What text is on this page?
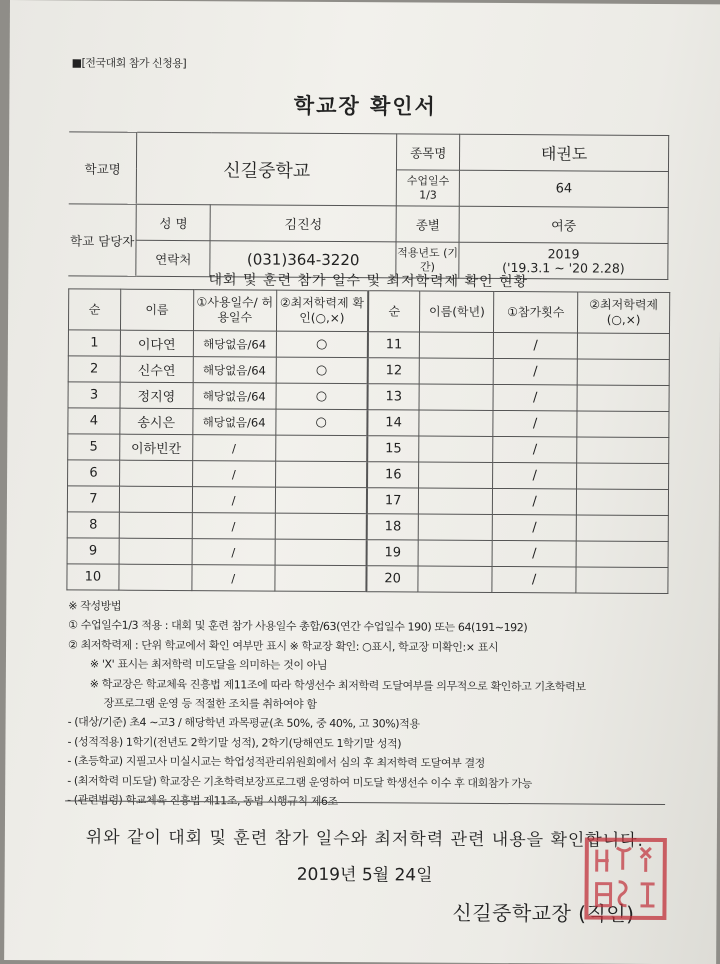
■[전국대회 참가 신청용]
학교장 확인서
학교명	신길중학교		종목명	태권도
			수업일수 1/3	64
학교 담당자	성 명	김진성	종별	여중
	연락처	(031)364-3220	적용년도 (기간)	2019
('19.3.1 ~ '20 2.28)
대회 및 훈련 참가 일수 및 최저학력제 확인 현황
순	이름	①사용일수/ 허용일수	②최저학력제 확인(○,×)	순	이름(학년)	①참가횟수	②최저학력제 (○,×)
1	이다연	해당없음/64	○	11		/	
2	신수연	해당없음/64	○	12		/	
3	정지영	해당없음/64	○	13		/	
4	송시은	해당없음/64	○	14		/	
5	이하빈칸	/		15		/	
6		/		16		/	
7		/		17		/	
8		/		18		/	
9		/		19		/	
10		/		20		/	
※ 작성방법
① 수업일수1/3 적용 : 대회 및 훈련 참가 사용일수 총합/63(연간 수업일수 190) 또는 64(191~192)
② 최저학력제 : 단위 학교에서 확인 여부만 표시 ※ 학교장 확인: ○표시, 학교장 미확인:× 표시
※ 'X' 표시는 최저학력 미도달을 의미하는 것이 아님
※ 학교장은 학교체육 진흥법 제11조에 따라 학생선수 최저학력 도달여부를 의무적으로 확인하고 기초학력보
장프로그램 운영 등 적절한 조치를 취하여야 함
- (대상/기준) 초4 ~고3 / 해당학년 과목평균(초 50%, 중 40%, 고 30%)적용
- (성적적용) 1학기(전년도 2학기말 성적), 2학기(당해연도 1학기말 성적)
- (초등학교) 지필고사 미실시교는 학업성적관리위원회에서 심의 후 최저학력 도달여부 결정
- (최저학력 미도달) 학교장은 기초학력보장프로그램 운영하여 미도달 학생선수 이수 후 대회참가 가능
- (관련법령) 학교체육 진흥법 제11조, 동법 시행규칙 제6조
위와 같이 대회 및 훈련 참가 일수와 최저학력 관련 내용을 확인합니다.
2019년 5월 24일
신길중학교장 (직인)
